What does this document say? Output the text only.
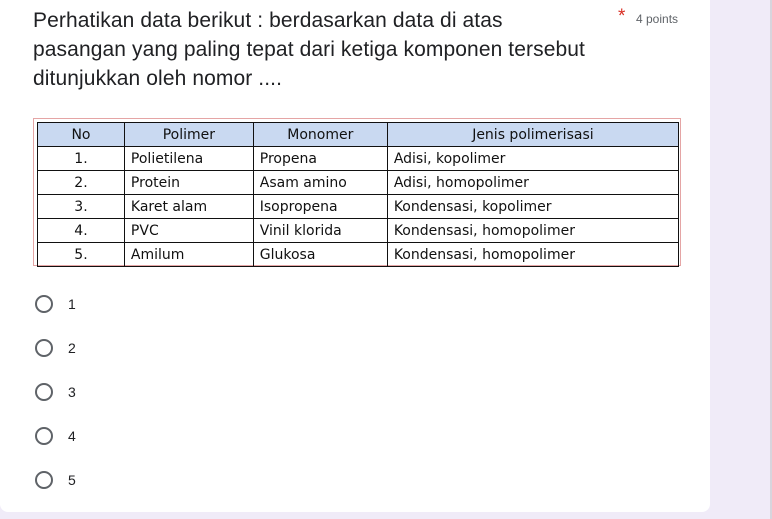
Perhatikan data berikut : berdasarkan data di atas pasangan yang paling tepat dari ketiga komponen tersebut ditunjukkan oleh nomor ....
* 4 points
No	Polimer	Monomer	Jenis polimerisasi
1.	Polietilena	Propena	Adisi, kopolimer
2.	Protein	Asam amino	Adisi, homopolimer
3.	Karet alam	Isopropena	Kondensasi, kopolimer
4.	PVC	Vinil klorida	Kondensasi, homopolimer
5.	Amilum	Glukosa	Kondensasi, homopolimer
1
2
3
4
5
